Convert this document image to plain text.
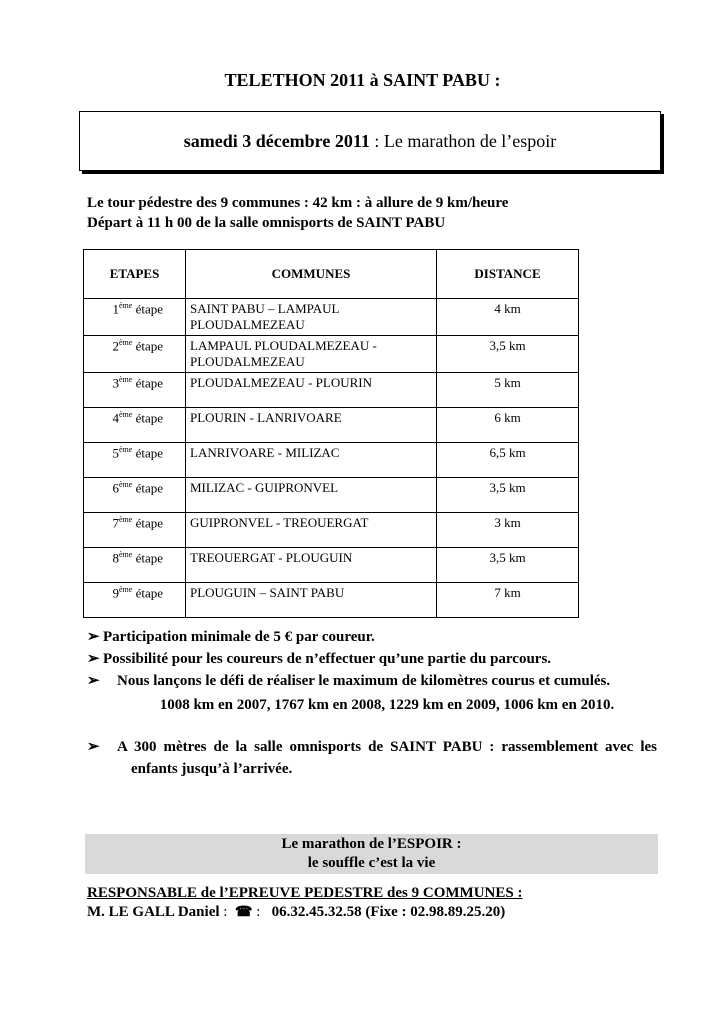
TELETHON 2011 à SAINT PABU :
samedi 3 décembre 2011 : Le marathon de l’espoir
Le tour pédestre des 9 communes : 42 km : à allure de 9 km/heure
Départ à 11 h 00 de la salle omnisports de SAINT PABU
ETAPES	COMMUNES	DISTANCE
1ème étape	SAINT PABU – LAMPAUL PLOUDALMEZEAU	4 km
2ème étape	LAMPAUL PLOUDALMEZEAU - PLOUDALMEZEAU	3,5 km
3ème étape	PLOUDALMEZEAU - PLOURIN	5 km
4ème étape	PLOURIN - LANRIVOARE	6 km
5ème étape	LANRIVOARE - MILIZAC	6,5 km
6ème étape	MILIZAC - GUIPRONVEL	3,5 km
7ème étape	GUIPRONVEL - TREOUERGAT	3 km
8ème étape	TREOUERGAT - PLOUGUIN	3,5 km
9ème étape	PLOUGUIN – SAINT PABU	7 km
➢ Participation minimale de 5 € par coureur.
➢ Possibilité pour les coureurs de n’effectuer qu’une partie du parcours.
➢ Nous lançons le défi de réaliser le maximum de kilomètres courus et cumulés.
1008 km en 2007, 1767 km en 2008, 1229 km en 2009, 1006 km en 2010.
➢ A 300 mètres de la salle omnisports de SAINT PABU : rassemblement avec les enfants jusqu’à l’arrivée.
Le marathon de l’ESPOIR :
le souffle c’est la vie
RESPONSABLE de l’EPREUVE PEDESTRE des 9 COMMUNES :
M. LE GALL Daniel : ☎ : 06.32.45.32.58 (Fixe : 02.98.89.25.20)
